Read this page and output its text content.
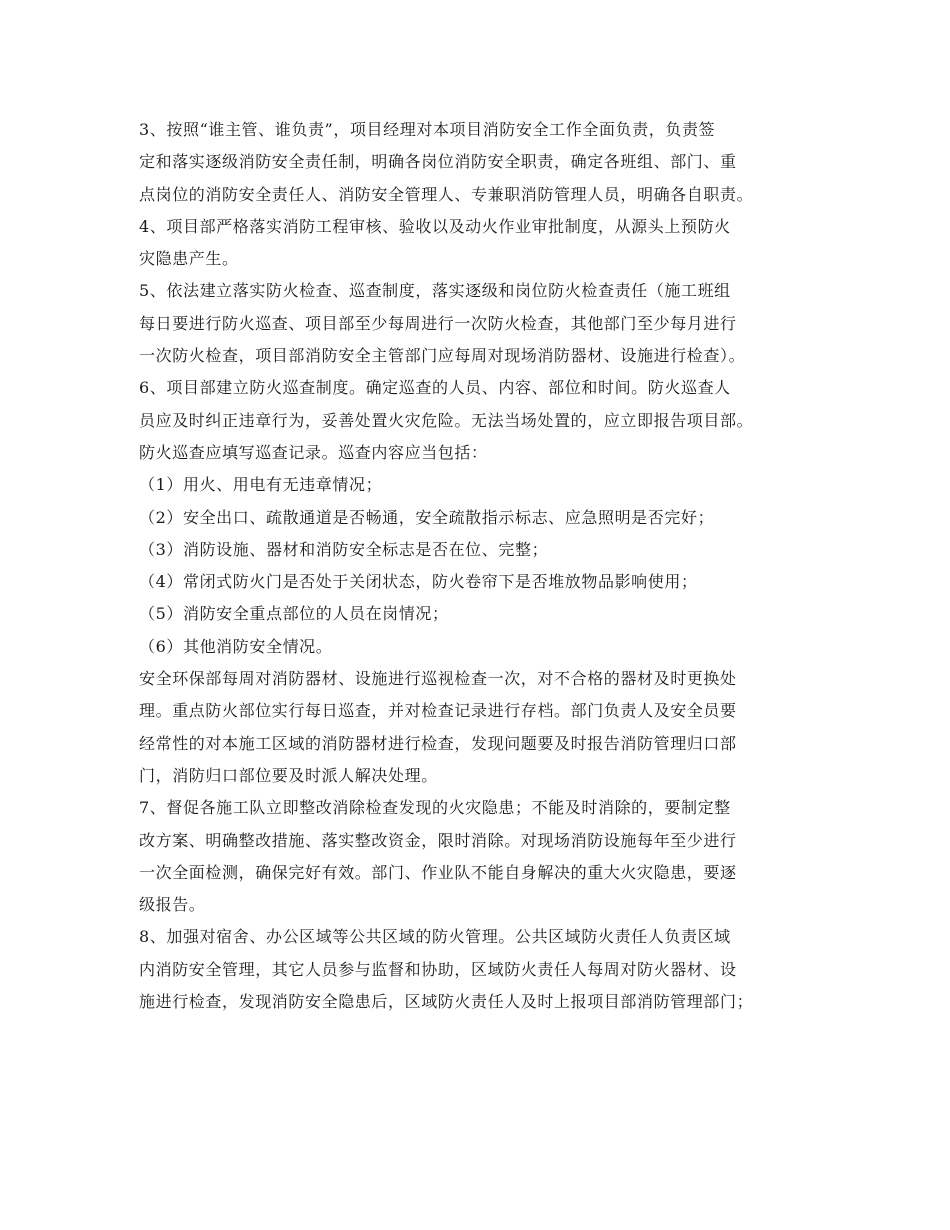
3、按照“谁主管、谁负责”，项目经理对本项目消防安全工作全面负责，负责签
定和落实逐级消防安全责任制，明确各岗位消防安全职责，确定各班组、部门、重
点岗位的消防安全责任人、消防安全管理人、专兼职消防管理人员，明确各自职责。
4、项目部严格落实消防工程审核、验收以及动火作业审批制度，从源头上预防火
灾隐患产生。
5、依法建立落实防火检查、巡查制度，落实逐级和岗位防火检查责任（施工班组
每日要进行防火巡查、项目部至少每周进行一次防火检查，其他部门至少每月进行
一次防火检查，项目部消防安全主管部门应每周对现场消防器材、设施进行检查）。
6、项目部建立防火巡查制度。确定巡查的人员、内容、部位和时间。防火巡查人
员应及时纠正违章行为，妥善处置火灾危险。无法当场处置的，应立即报告项目部。
防火巡查应填写巡查记录。巡查内容应当包括：
（1）用火、用电有无违章情况；
（2）安全出口、疏散通道是否畅通，安全疏散指示标志、应急照明是否完好；
（3）消防设施、器材和消防安全标志是否在位、完整；
（4）常闭式防火门是否处于关闭状态，防火卷帘下是否堆放物品影响使用；
（5）消防安全重点部位的人员在岗情况；
（6）其他消防安全情况。
安全环保部每周对消防器材、设施进行巡视检查一次，对不合格的器材及时更换处
理。重点防火部位实行每日巡查，并对检查记录进行存档。部门负责人及安全员要
经常性的对本施工区域的消防器材进行检查，发现问题要及时报告消防管理归口部
门，消防归口部位要及时派人解决处理。
7、督促各施工队立即整改消除检查发现的火灾隐患；不能及时消除的，要制定整
改方案、明确整改措施、落实整改资金，限时消除。对现场消防设施每年至少进行
一次全面检测，确保完好有效。部门、作业队不能自身解决的重大火灾隐患，要逐
级报告。
8、加强对宿舍、办公区域等公共区域的防火管理。公共区域防火责任人负责区域
内消防安全管理，其它人员参与监督和协助，区域防火责任人每周对防火器材、设
施进行检查，发现消防安全隐患后，区域防火责任人及时上报项目部消防管理部门；
